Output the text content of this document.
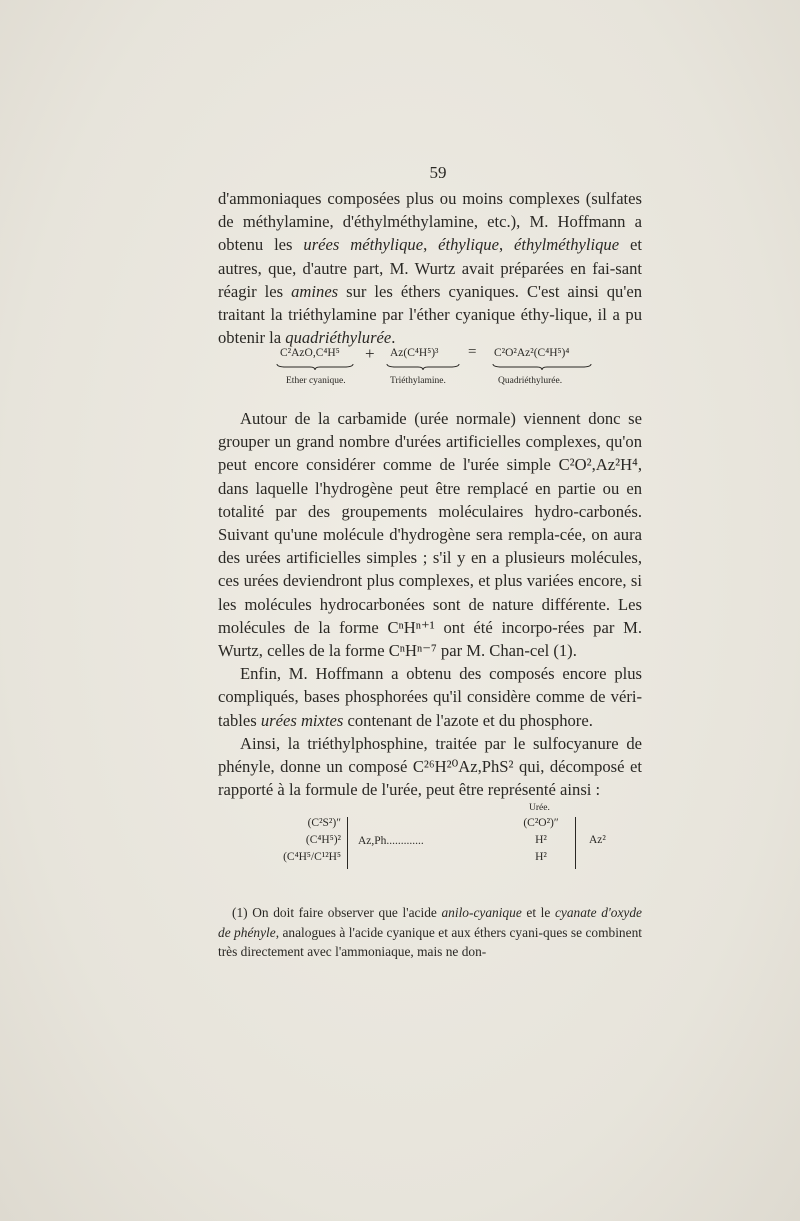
59

d'ammoniaques composées plus ou moins complexes (sulfates de méthylamine, d'éthylméthylamine, etc.), M. Hoffmann a obtenu les urées méthylique, éthylique, éthylméthylique et autres, que, d'autre part, M. Wurtz avait préparées en fai-sant réagir les amines sur les éthers cyaniques. C'est ainsi qu'en traitant la triéthylamine par l'éther cyanique éthy-lique, il a pu obtenir la quadriéthylurée.

C²AzO,C⁴H⁵ + Az(C⁴H⁵)³ = C²O²Az²(C⁴H⁵)⁴
Ether cyanique.	Triéthylamine.	Quadriéthylurée.

Autour de la carbamide (urée normale) viennent donc se grouper un grand nombre d'urées artificielles complexes, qu'on peut encore considérer comme de l'urée simple C²O²,Az²H⁴, dans laquelle l'hydrogène peut être remplacé en partie ou en totalité par des groupements moléculaires hydro-carbonés. Suivant qu'une molécule d'hydrogène sera rempla-cée, on aura des urées artificielles simples ; s'il y en a plusieurs molécules, ces urées deviendront plus complexes, et plus variées encore, si les molécules hydrocarbonées sont de nature différente. Les molécules de la forme CⁿHⁿ⁺¹ ont été incorpo-rées par M. Wurtz, celles de la forme CⁿHⁿ⁻⁷ par M. Chan-cel (1).

Enfin, M. Hoffmann a obtenu des composés encore plus compliqués, bases phosphorées qu'il considère comme de véri-tables urées mixtes contenant de l'azote et du phosphore.

Ainsi, la triéthylphosphine, traitée par le sulfocyanure de phényle, donne un composé C²⁶H²⁰Az,PhS² qui, décomposé et rapporté à la formule de l'urée, peut être représenté ainsi :

(C²S²)″
(C⁴H⁵)²
(C⁴H⁵/C¹²H⁵
Az,Ph.............
Urée.
(C²O²)″
H²
H²
Az²

(1) On doit faire observer que l'acide anilo-cyanique et le cyanate d'oxyde de phényle, analogues à l'acide cyanique et aux éthers cyani-ques se combinent très directement avec l'ammoniaque, mais ne don-
